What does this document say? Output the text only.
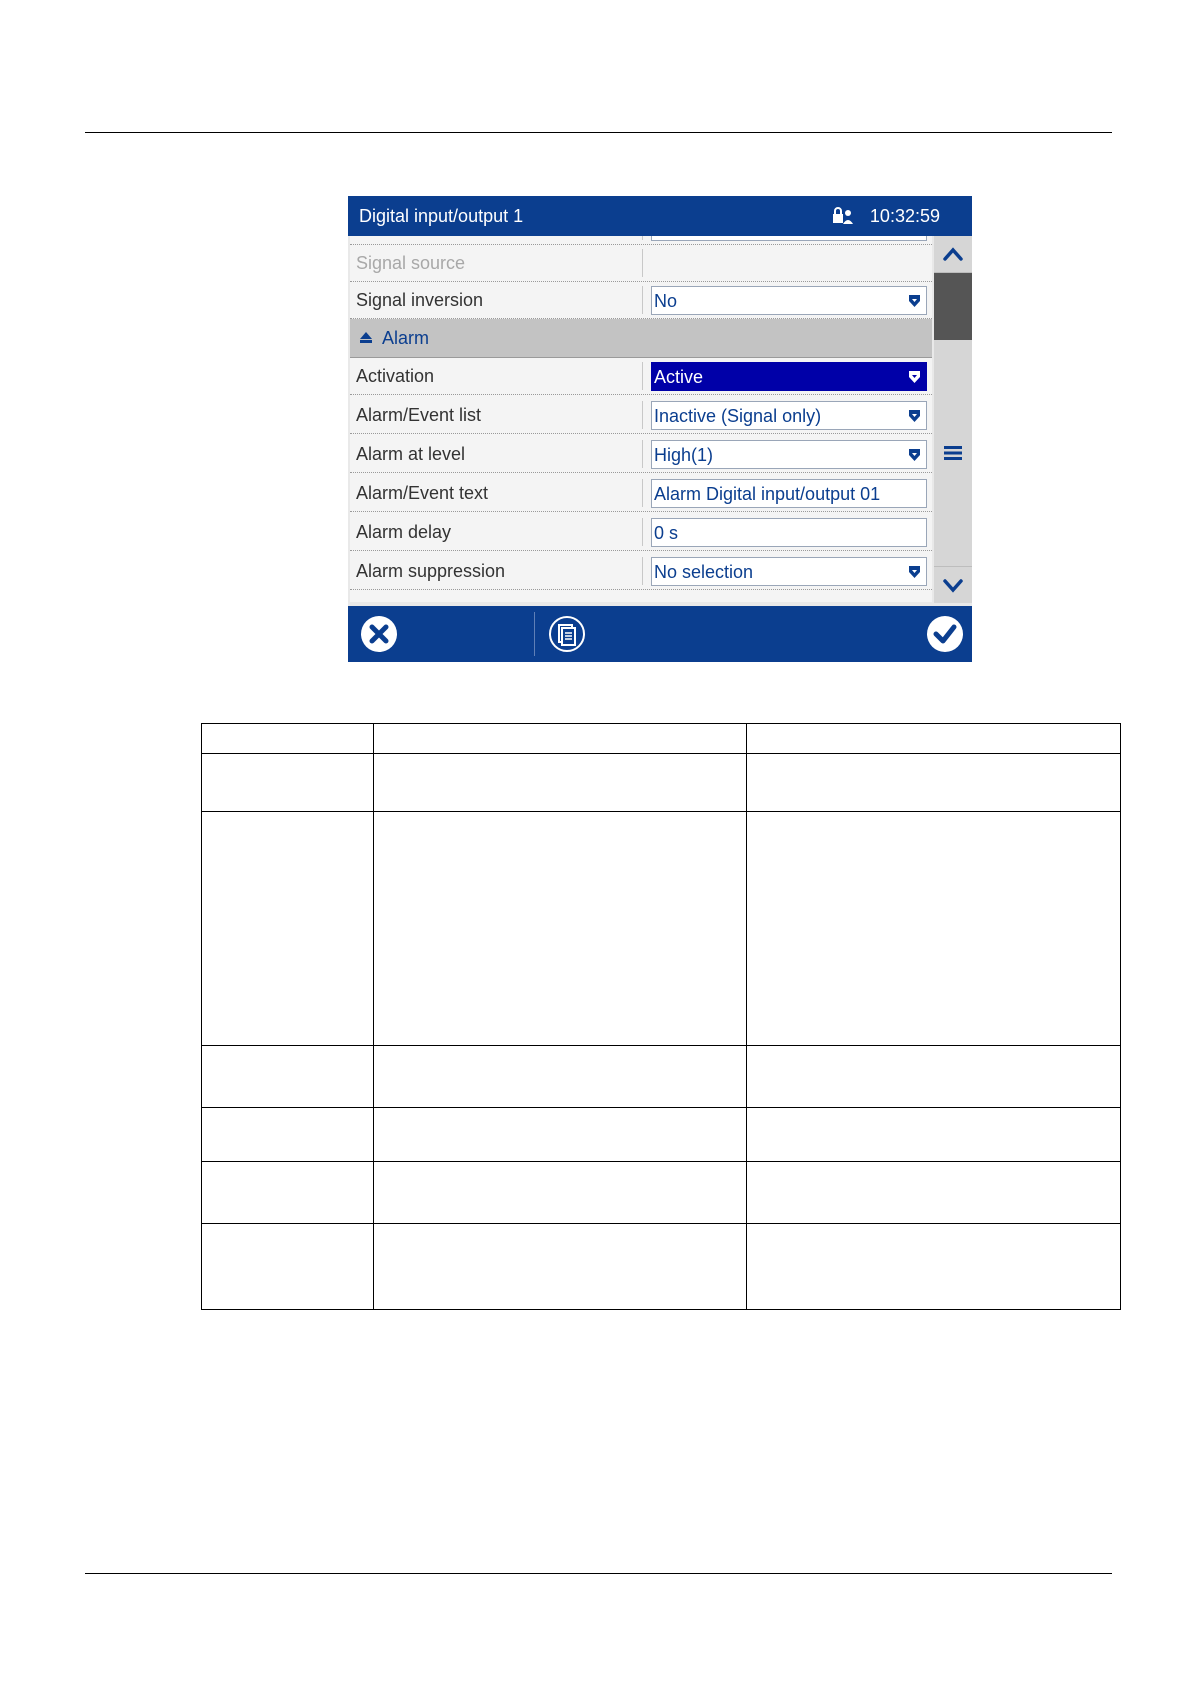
Digital input/output 1	10:32:59
Signal source
Signal inversion	No
Alarm
Activation	Active
Alarm/Event list	Inactive (Signal only)
Alarm at level	High(1)
Alarm/Event text	Alarm Digital input/output 01
Alarm delay	0 s
Alarm suppression	No selection
